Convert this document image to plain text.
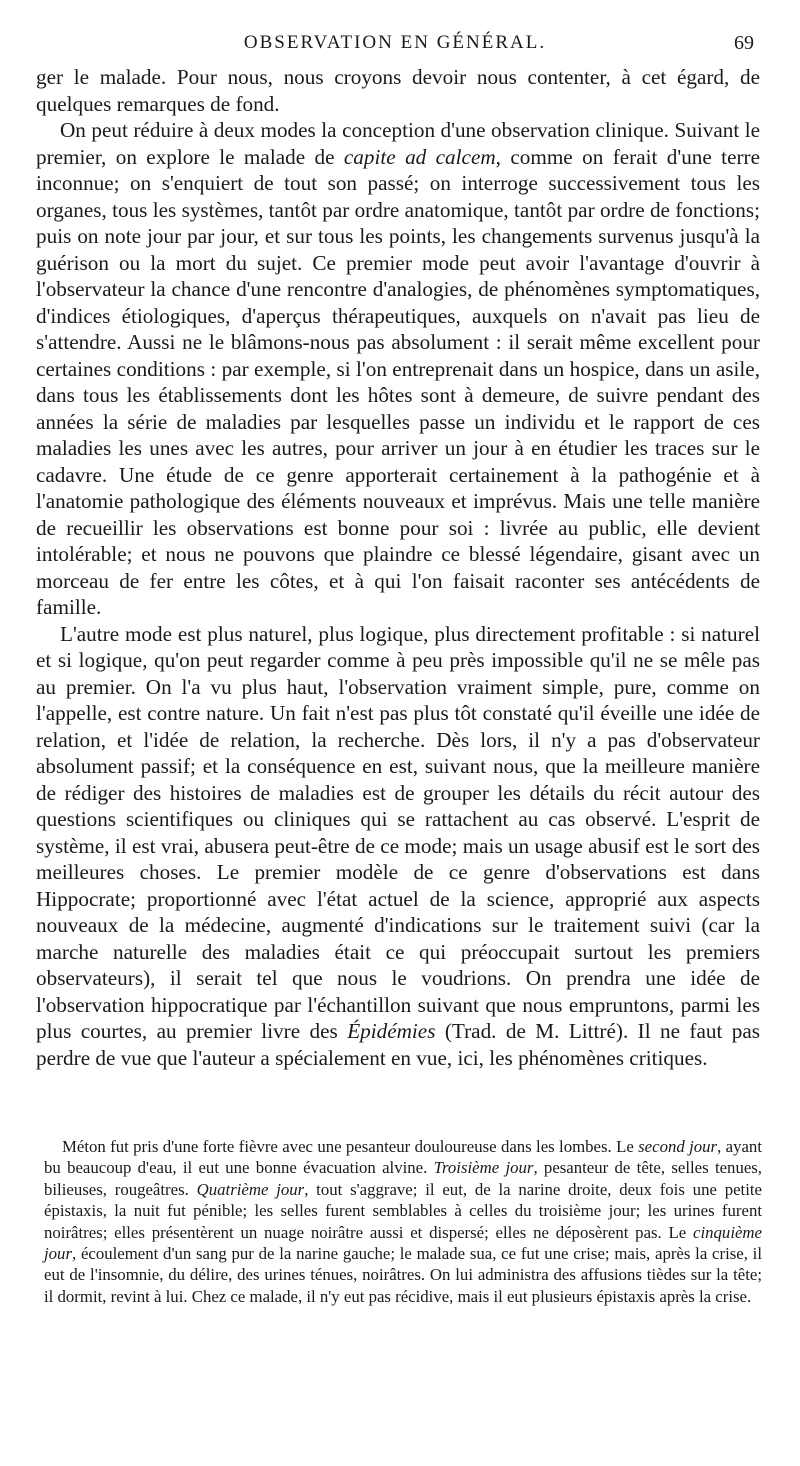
OBSERVATION EN GÉNÉRAL.	69

ger le malade. Pour nous, nous croyons devoir nous contenter, à cet égard, de quelques remarques de fond.

On peut réduire à deux modes la conception d'une observation clinique. Suivant le premier, on explore le malade de capite ad calcem, comme on ferait d'une terre inconnue; on s'enquiert de tout son passé; on interroge successivement tous les organes, tous les systèmes, tantôt par ordre anatomique, tantôt par ordre de fonctions; puis on note jour par jour, et sur tous les points, les changements survenus jusqu'à la guérison ou la mort du sujet. Ce premier mode peut avoir l'avantage d'ouvrir à l'observateur la chance d'une rencontre d'analogies, de phénomènes symptomatiques, d'indices étiologiques, d'aperçus thérapeutiques, auxquels on n'avait pas lieu de s'attendre. Aussi ne le blâmons-nous pas absolument : il serait même excellent pour certaines conditions : par exemple, si l'on entreprenait dans un hospice, dans un asile, dans tous les établissements dont les hôtes sont à demeure, de suivre pendant des années la série de maladies par lesquelles passe un individu et le rapport de ces maladies les unes avec les autres, pour arriver un jour à en étudier les traces sur le cadavre. Une étude de ce genre apporterait certainement à la pathogénie et à l'anatomie pathologique des éléments nouveaux et imprévus. Mais une telle manière de recueillir les observations est bonne pour soi : livrée au public, elle devient intolérable; et nous ne pouvons que plaindre ce blessé légendaire, gisant avec un morceau de fer entre les côtes, et à qui l'on faisait raconter ses antécédents de famille.

L'autre mode est plus naturel, plus logique, plus directement profitable : si naturel et si logique, qu'on peut regarder comme à peu près impossible qu'il ne se mêle pas au premier. On l'a vu plus haut, l'observation vraiment simple, pure, comme on l'appelle, est contre nature. Un fait n'est pas plus tôt constaté qu'il éveille une idée de relation, et l'idée de relation, la recherche. Dès lors, il n'y a pas d'observateur absolument passif; et la conséquence en est, suivant nous, que la meilleure manière de rédiger des histoires de maladies est de grouper les détails du récit autour des questions scientifiques ou cliniques qui se rattachent au cas observé. L'esprit de système, il est vrai, abusera peut-être de ce mode; mais un usage abusif est le sort des meilleures choses. Le premier modèle de ce genre d'observations est dans Hippocrate; proportionné avec l'état actuel de la science, approprié aux aspects nouveaux de la médecine, augmenté d'indications sur le traitement suivi (car la marche naturelle des maladies était ce qui préoccupait surtout les premiers observateurs), il serait tel que nous le voudrions. On prendra une idée de l'observation hippocratique par l'échantillon suivant que nous empruntons, parmi les plus courtes, au premier livre des Épidémies (Trad. de M. Littré). Il ne faut pas perdre de vue que l'auteur a spécialement en vue, ici, les phénomènes critiques.

Méton fut pris d'une forte fièvre avec une pesanteur douloureuse dans les lombes. Le second jour, ayant bu beaucoup d'eau, il eut une bonne évacuation alvine. Troisième jour, pesanteur de tête, selles tenues, bilieuses, rougeâtres. Quatrième jour, tout s'aggrave; il eut, de la narine droite, deux fois une petite épistaxis, la nuit fut pénible; les selles furent semblables à celles du troisième jour; les urines furent noirâtres; elles présentèrent un nuage noirâtre aussi et dispersé; elles ne déposèrent pas. Le cinquième jour, écoulement d'un sang pur de la narine gauche; le malade sua, ce fut une crise; mais, après la crise, il eut de l'insomnie, du délire, des urines ténues, noirâtres. On lui administra des affusions tièdes sur la tête; il dormit, revint à lui. Chez ce malade, il n'y eut pas récidive, mais il eut plusieurs épistaxis après la crise.
